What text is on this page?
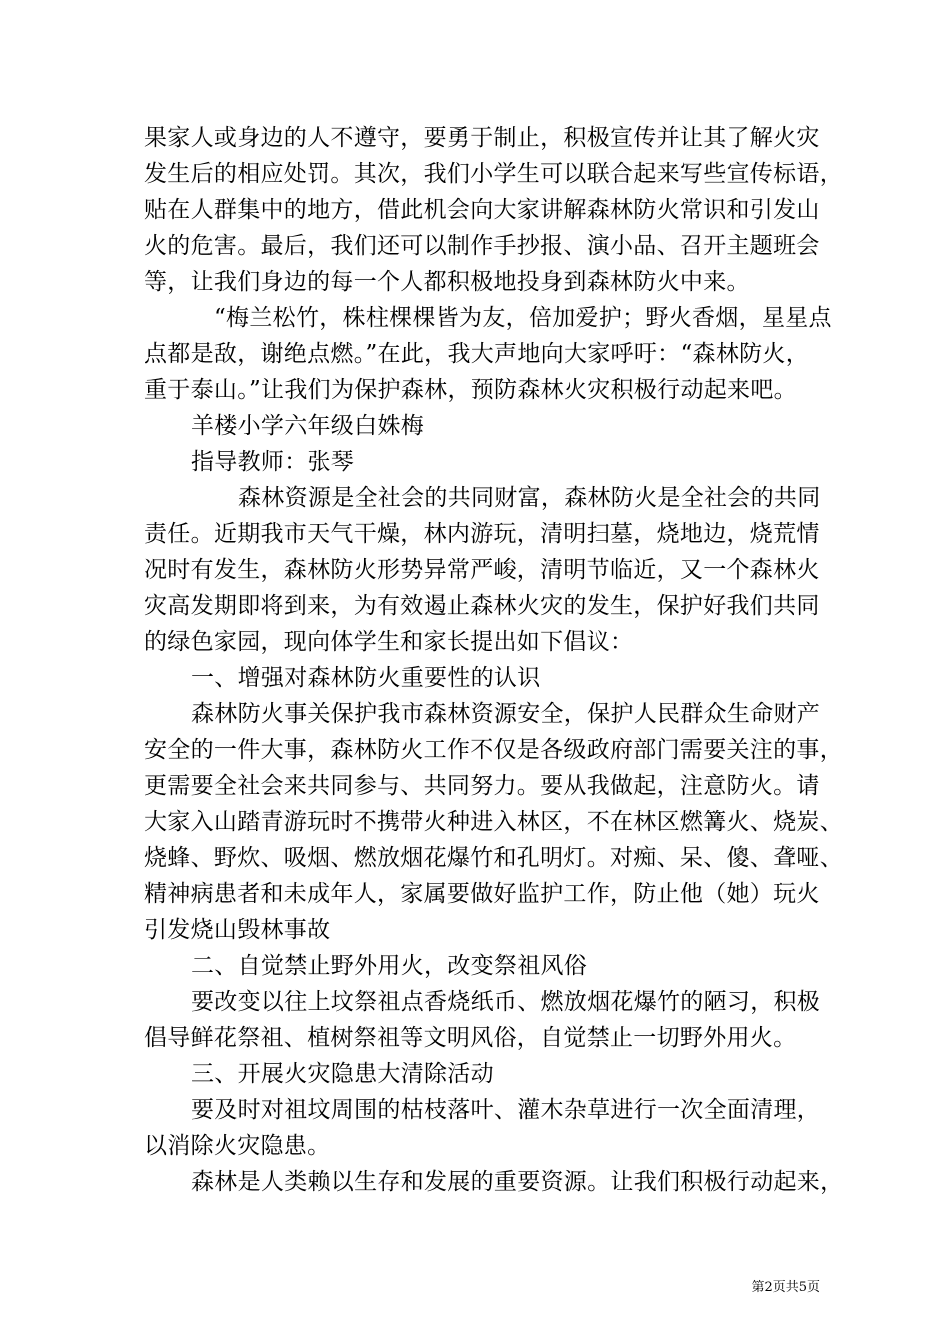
果家人或身边的人不遵守，要勇于制止，积极宣传并让其了解火灾
发生后的相应处罚。其次，我们小学生可以联合起来写些宣传标语，
贴在人群集中的地方，借此机会向大家讲解森林防火常识和引发山
火的危害。最后，我们还可以制作手抄报、演小品、召开主题班会
等，让我们身边的每一个人都积极地投身到森林防火中来。
“梅兰松竹，株柱棵棵皆为友，倍加爱护；野火香烟，星星点
点都是敌，谢绝点燃。”在此，我大声地向大家呼吁：“森林防火，
重于泰山。”让我们为保护森林，预防森林火灾积极行动起来吧。
羊楼小学六年级白姝梅
指导教师：张琴
森林资源是全社会的共同财富，森林防火是全社会的共同
责任。近期我市天气干燥，林内游玩，清明扫墓，烧地边，烧荒情
况时有发生，森林防火形势异常严峻，清明节临近，又一个森林火
灾高发期即将到来，为有效遏止森林火灾的发生，保护好我们共同
的绿色家园，现向体学生和家长提出如下倡议：
一、增强对森林防火重要性的认识
森林防火事关保护我市森林资源安全，保护人民群众生命财产
安全的一件大事，森林防火工作不仅是各级政府部门需要关注的事，
更需要全社会来共同参与、共同努力。要从我做起，注意防火。请
大家入山踏青游玩时不携带火种进入林区，不在林区燃篝火、烧炭、
烧蜂、野炊、吸烟、燃放烟花爆竹和孔明灯。对痴、呆、傻、聋哑、
精神病患者和未成年人，家属要做好监护工作，防止他（她）玩火
引发烧山毁林事故
二、自觉禁止野外用火，改变祭祖风俗
要改变以往上坟祭祖点香烧纸币、燃放烟花爆竹的陋习，积极
倡导鲜花祭祖、植树祭祖等文明风俗，自觉禁止一切野外用火。
三、开展火灾隐患大清除活动
要及时对祖坟周围的枯枝落叶、灌木杂草进行一次全面清理，
以消除火灾隐患。
森林是人类赖以生存和发展的重要资源。让我们积极行动起来，
第2页共5页
